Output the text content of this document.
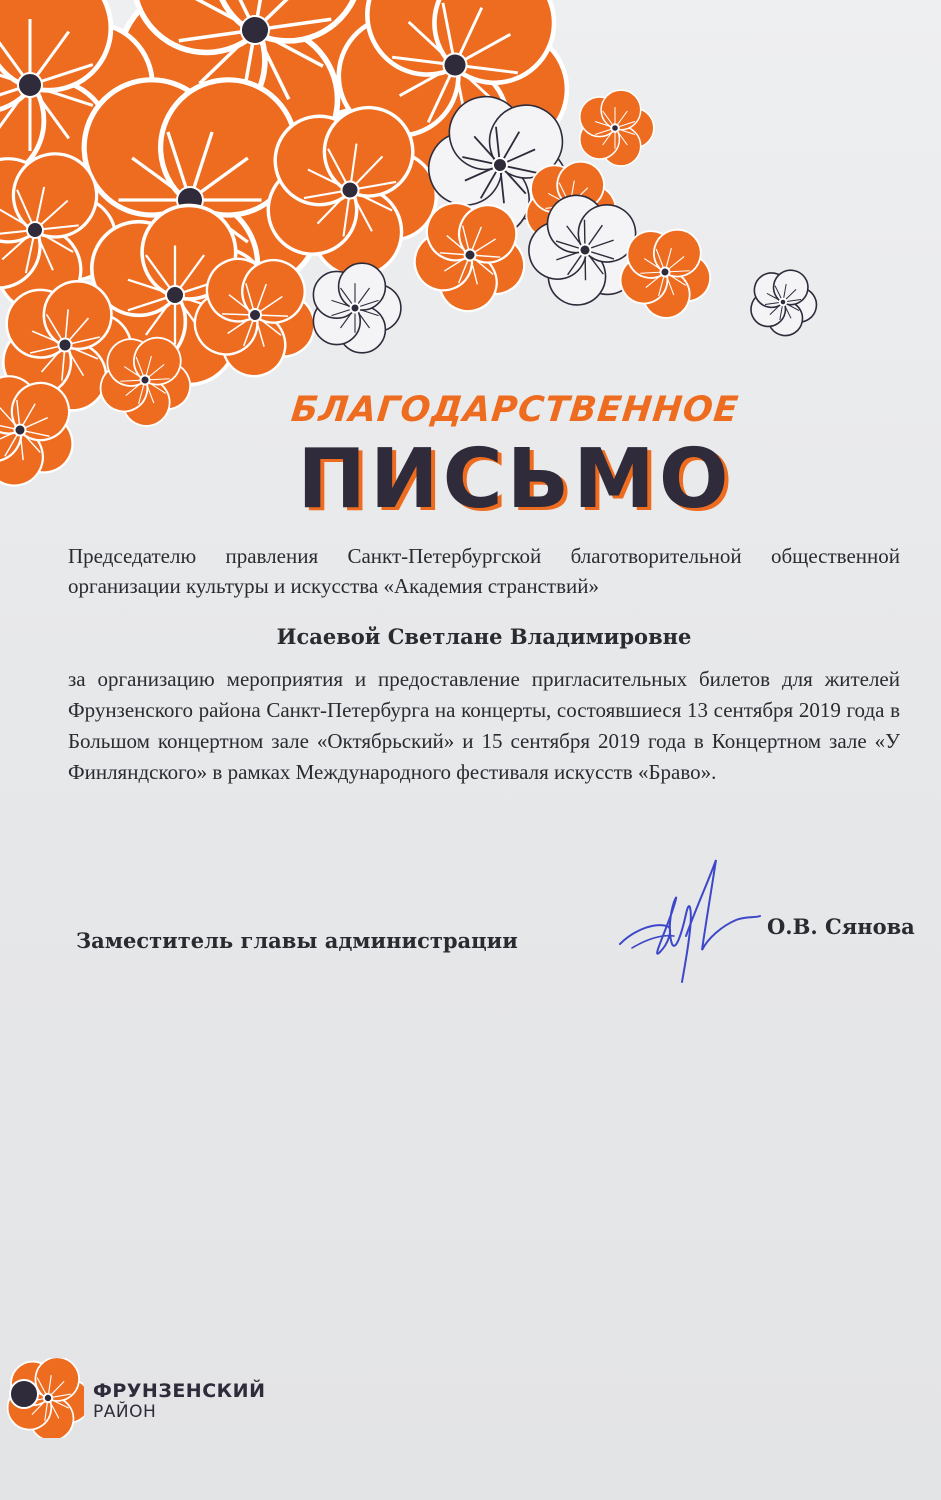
БЛАГОДАРСТВЕННОЕ
ПИСЬМО
Председателю правления Санкт-Петербургской благотворительной общественной организации культуры и искусства «Академия странствий»
Исаевой Светлане Владимировне
за организацию мероприятия и предоставление пригласительных билетов для жителей Фрунзенского района Санкт-Петербурга на концерты, состоявшиеся 13 сентября 2019 года в Большом концертном зале «Октябрьский» и 15 сентября 2019 года в Концертном зале «У Финляндского» в рамках Международного фестиваля искусств «Браво».
Заместитель главы администрации
О.В. Сянова
ФРУНЗЕНСКИЙ
РАЙОН
